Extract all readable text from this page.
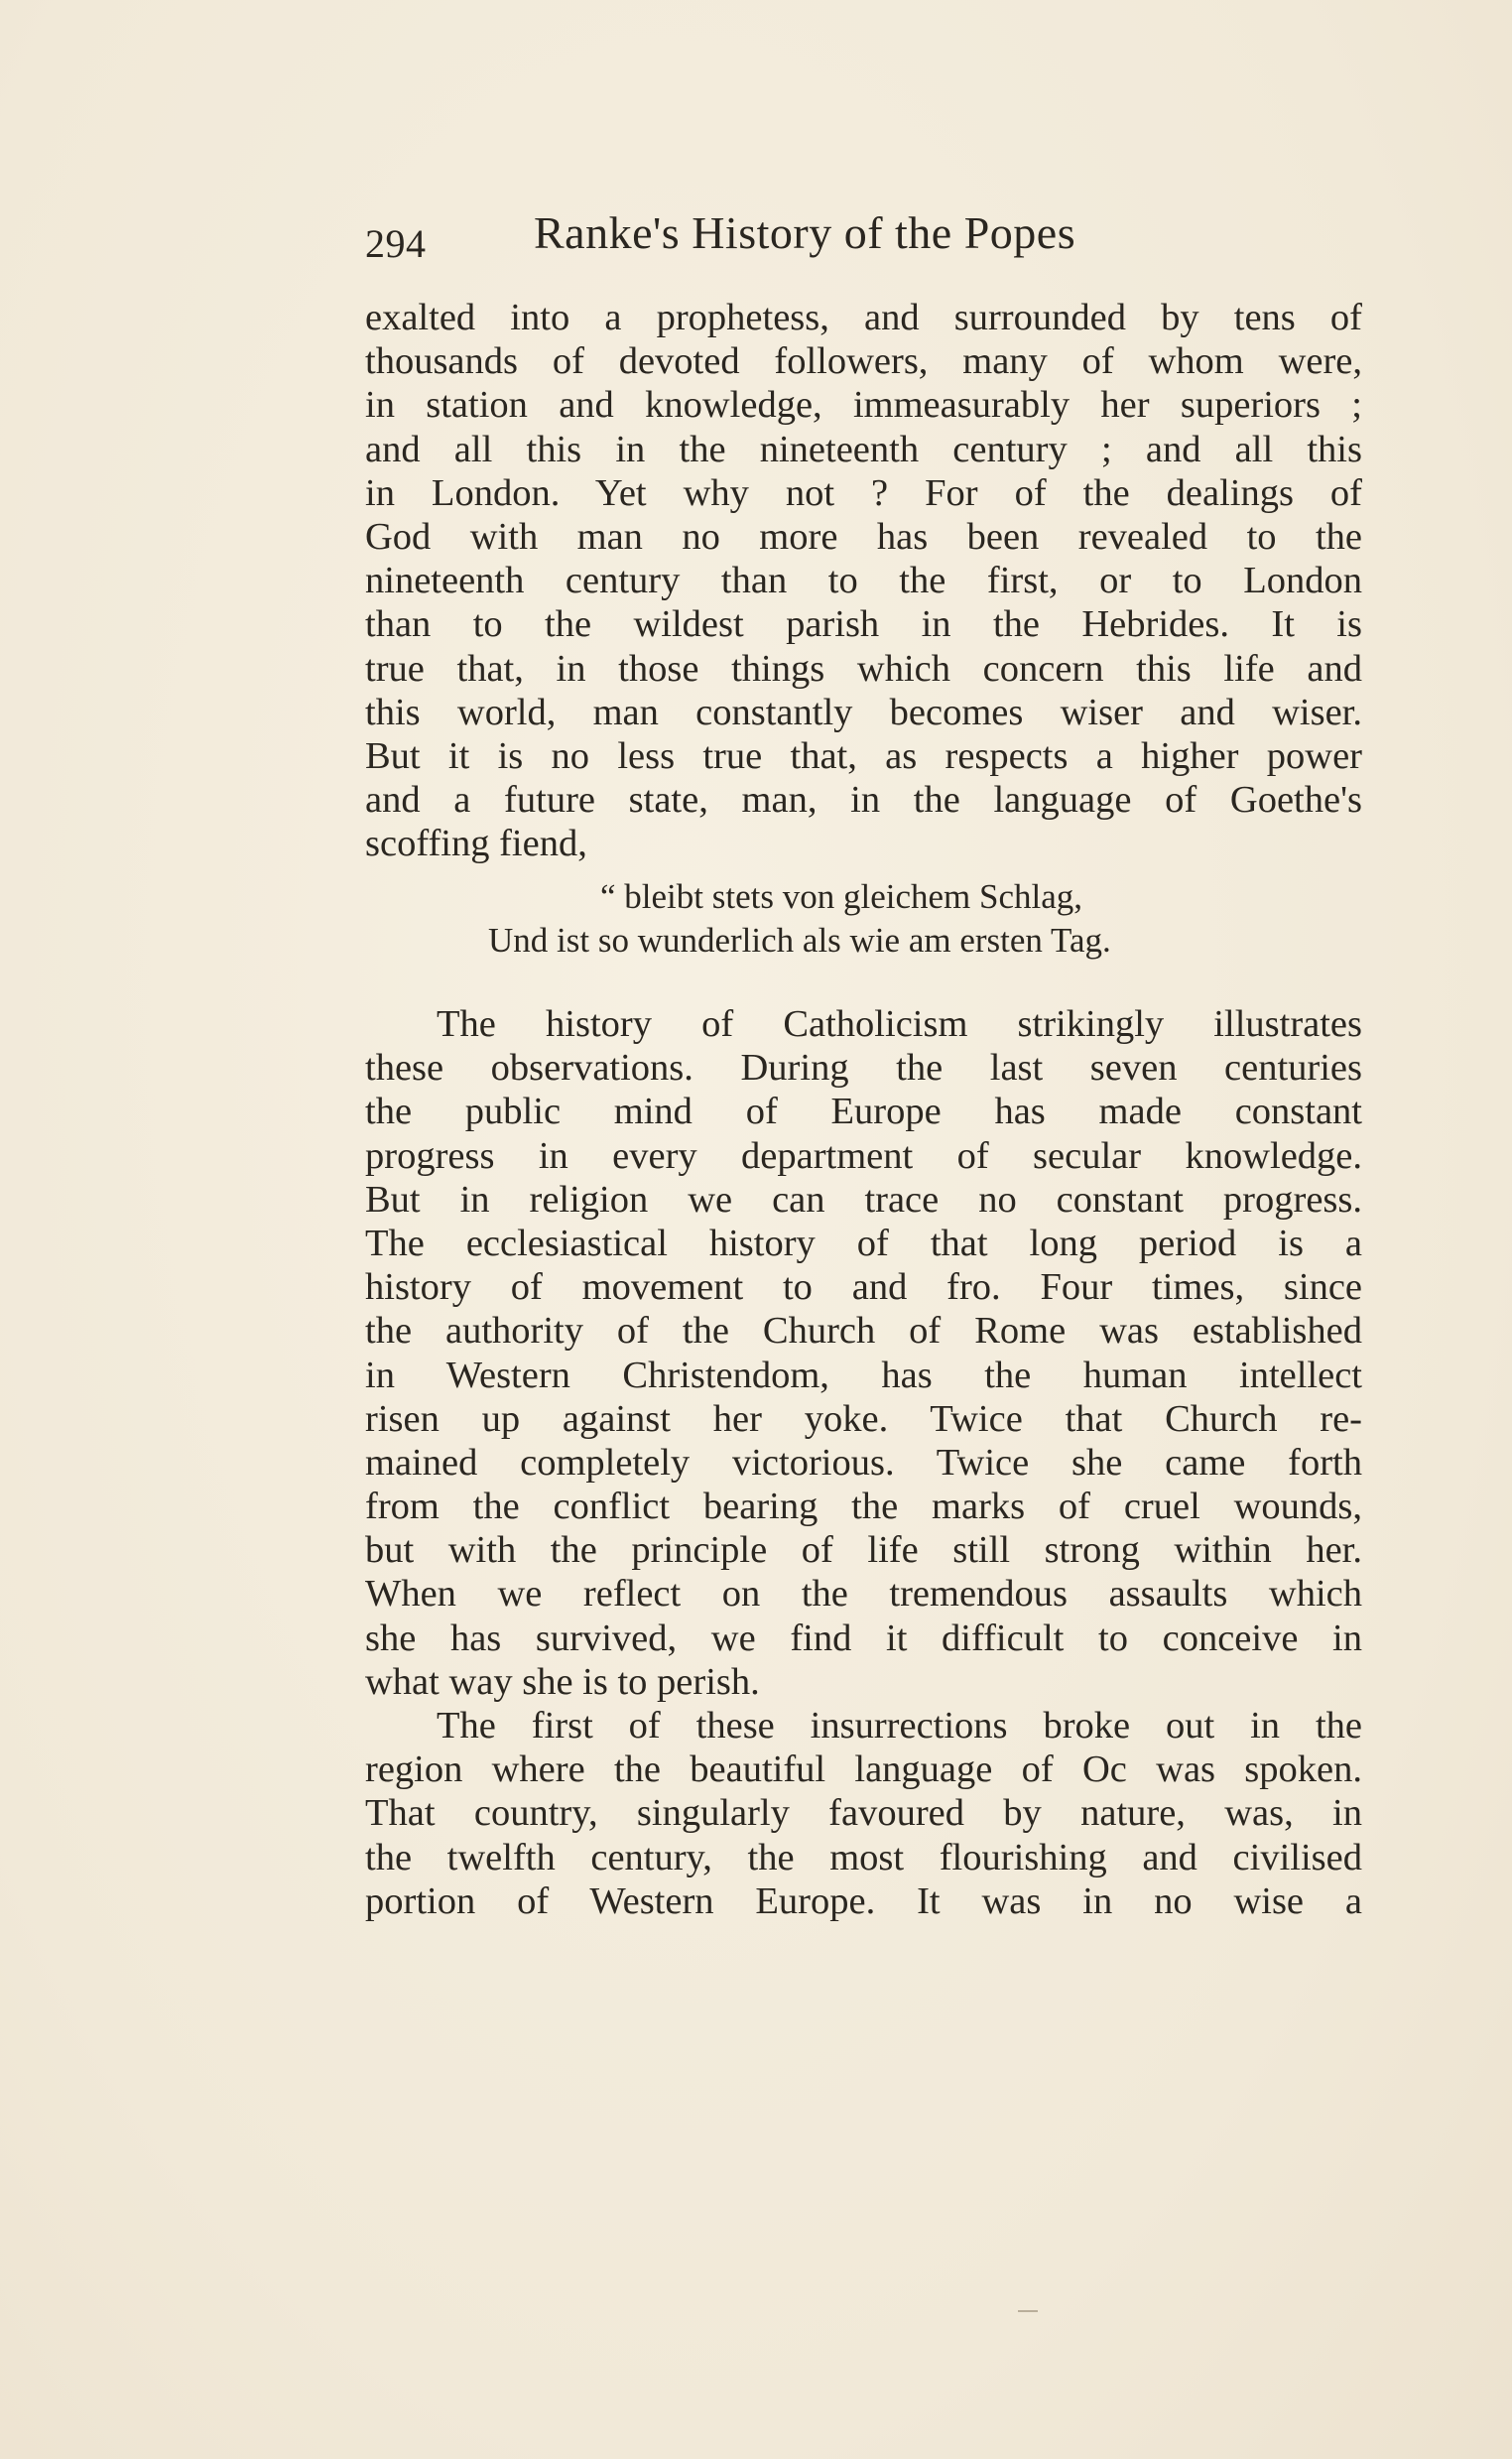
294 Ranke's History of the Popes
exalted into a prophetess, and surrounded by tens of
thousands of devoted followers, many of whom were,
in station and knowledge, immeasurably her superiors ;
and all this in the nineteenth century ; and all this
in London. Yet why not ? For of the dealings of
God with man no more has been revealed to the
nineteenth century than to the first, or to London
than to the wildest parish in the Hebrides. It is
true that, in those things which concern this life and
this world, man constantly becomes wiser and wiser.
But it is no less true that, as respects a higher power
and a future state, man, in the language of Goethe's
scoffing fiend,
“ bleibt stets von gleichem Schlag,
Und ist so wunderlich als wie am ersten Tag.
The history of Catholicism strikingly illustrates
these observations. During the last seven centuries
the public mind of Europe has made constant
progress in every department of secular knowledge.
But in religion we can trace no constant progress.
The ecclesiastical history of that long period is a
history of movement to and fro. Four times, since
the authority of the Church of Rome was established
in Western Christendom, has the human intellect
risen up against her yoke. Twice that Church re-
mained completely victorious. Twice she came forth
from the conflict bearing the marks of cruel wounds,
but with the principle of life still strong within her.
When we reflect on the tremendous assaults which
she has survived, we find it difficult to conceive in
what way she is to perish.
The first of these insurrections broke out in the
region where the beautiful language of Oc was spoken.
That country, singularly favoured by nature, was, in
the twelfth century, the most flourishing and civilised
portion of Western Europe. It was in no wise a
